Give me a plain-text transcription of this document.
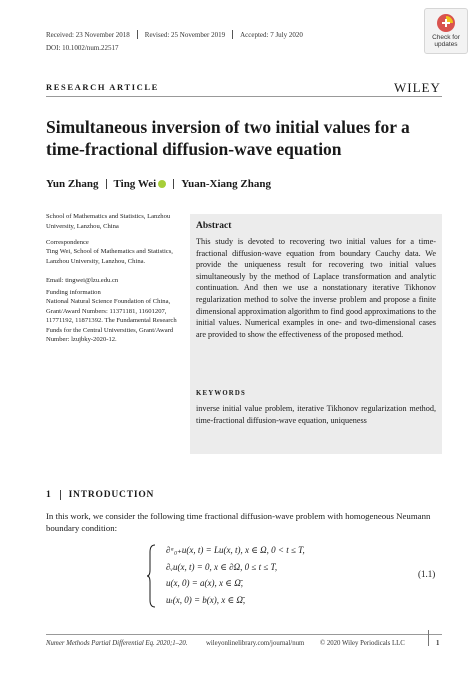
Received: 23 November 2018 Revised: 25 November 2019 Accepted: 7 July 2020
DOI: 10.1002/num.22517
Check for
updates
RESEARCH ARTICLE	WILEY
Simultaneous inversion of two initial values for a time-fractional diffusion-wave equation
Yun Zhang Ting Wei Yuan-Xiang Zhang
School of Mathematics and Statistics, Lanzhou University, Lanzhou, China
Correspondence
Ting Wei, School of Mathematics and Statistics, Lanzhou University, Lanzhou, China.
Email: tingwei@lzu.edu.cn
Funding information
National Natural Science Foundation of China, Grant/Award Numbers: 11371181, 11601207, 11771192, 11871392. The Fundamental Research Funds for the Central Universities, Grant/Award Number: lzujbky-2020-12.
Abstract
This study is devoted to recovering two initial values for a time-fractional diffusion-wave equation from boundary Cauchy data. We provide the uniqueness result for recovering two initial values simultaneously by the method of Laplace transformation and analytic continuation. And then we use a nonstationary iterative Tikhonov regularization method to solve the inverse problem and propose a finite dimensional approximation algorithm to find good approximations to the initial values. Numerical examples in one- and two-dimensional cases are provided to show the effectiveness of the proposed method.
KEYWORDS
inverse initial value problem, iterative Tikhonov regularization method, time-fractional diffusion-wave equation, uniqueness
1 INTRODUCTION
In this work, we consider the following time fractional diffusion-wave problem with homogeneous Neumann boundary condition:
∂ᵅ₀₊u(x, t) = Lu(x, t), x ∈ Ω, 0 < t ≤ T,
∂ᵥu(x, t) = 0, x ∈ ∂Ω, 0 ≤ t ≤ T,
u(x, 0) = a(x), x ∈ Ω̄,
uₜ(x, 0) = b(x), x ∈ Ω̄,
(1.1)
Numer Methods Partial Differential Eq. 2020;1–20.	wileyonlinelibrary.com/journal/num © 2020 Wiley Periodicals LLC	1
